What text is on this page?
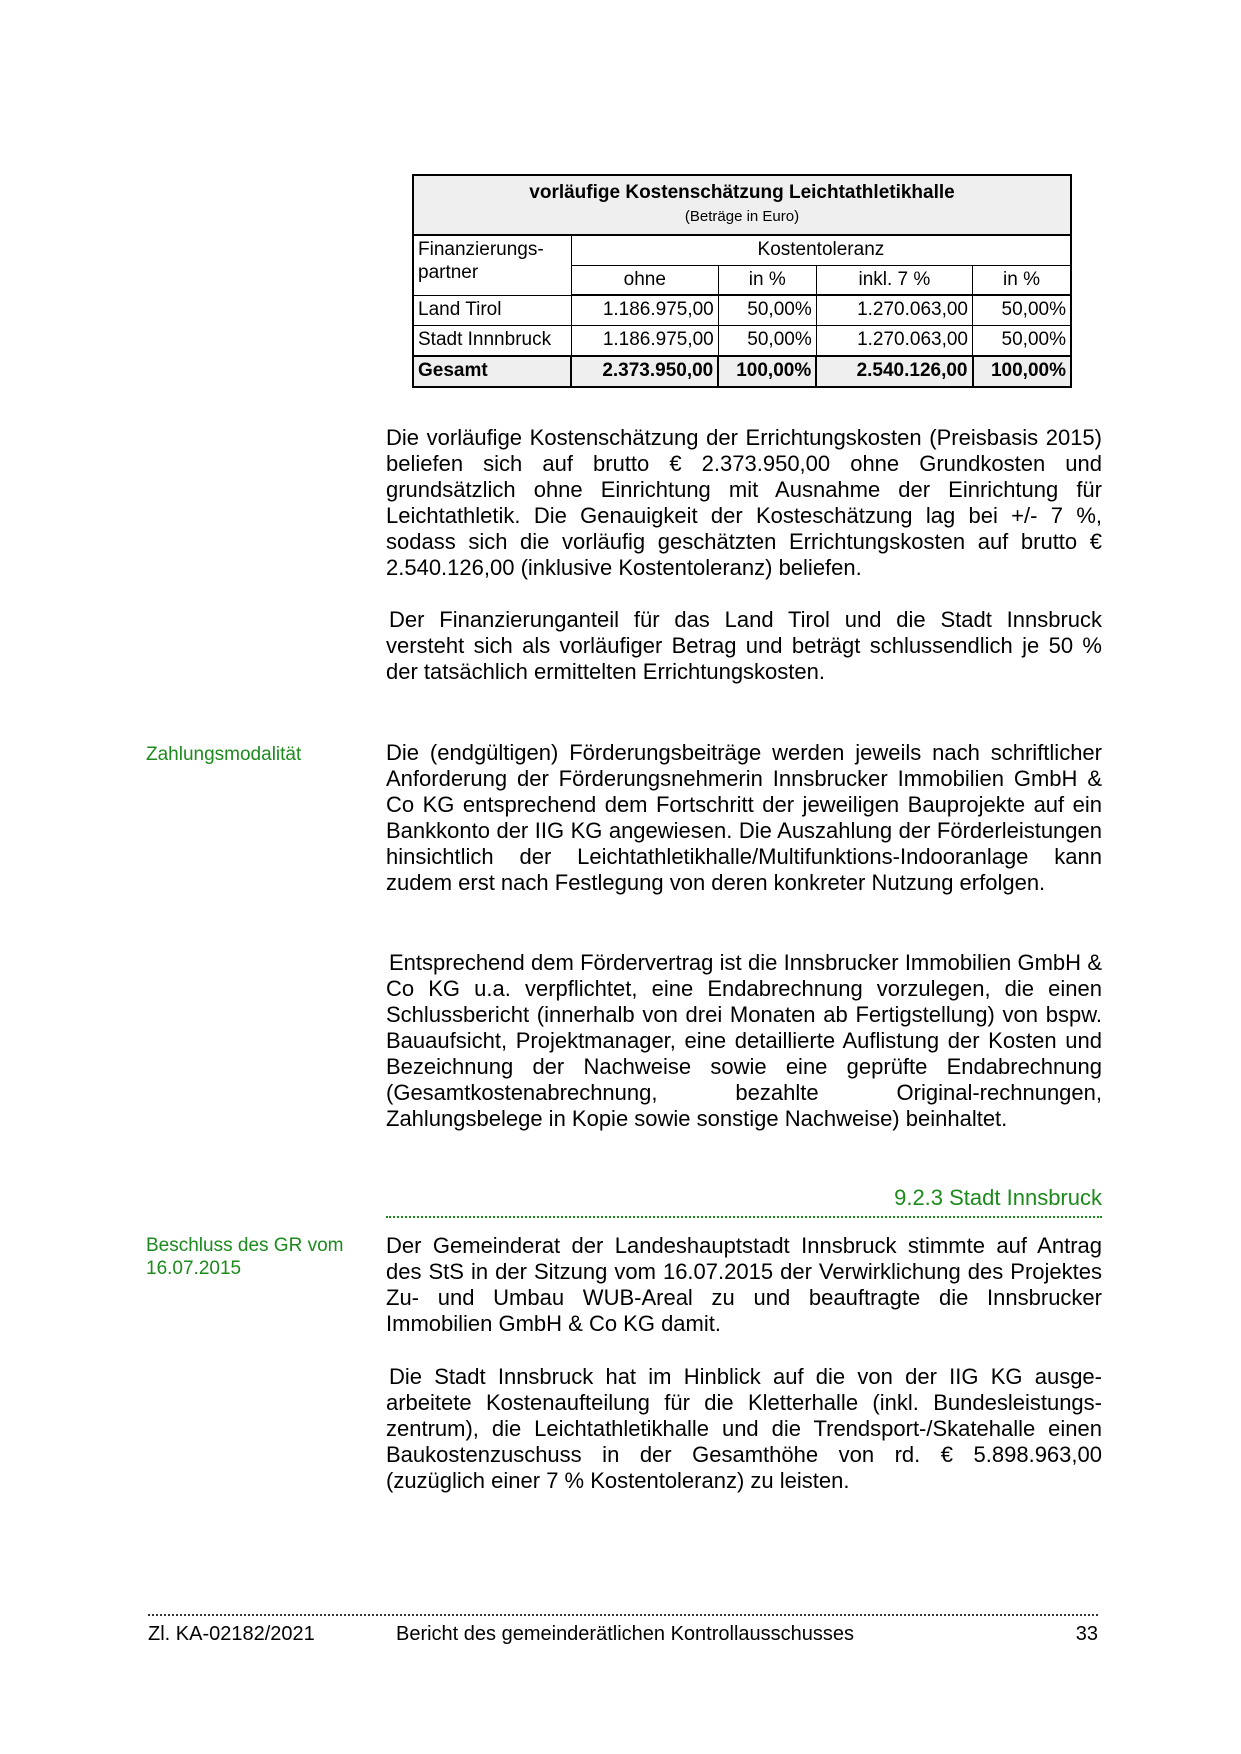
vorläufige Kostenschätzung Leichtathletikhalle
(Beträge in Euro)				

Finanzierungs-
partner	Kostentoleranz			
	ohne	in %	inkl. 7 %	in %
Land Tirol	1.186.975,00	50,00%	1.270.063,00	50,00%
Stadt Innnbruck	1.186.975,00	50,00%	1.270.063,00	50,00%
Gesamt	2.373.950,00	100,00%	2.540.126,00	100,00%

Die vorläufige Kostenschätzung der Errichtungskosten (Preisbasis 2015) beliefen sich auf brutto € 2.373.950,00 ohne Grundkosten und grundsätzlich ohne Einrichtung mit Ausnahme der Einrichtung für Leichtathletik. Die Genauigkeit der Kosteschätzung lag bei +/- 7 %, sodass sich die vorläufig geschätzten Errichtungskosten auf brutto € 2.540.126,00 (inklusive Kostentoleranz) beliefen.

Der Finanzierunganteil für das Land Tirol und die Stadt Innsbruck versteht sich als vorläufiger Betrag und beträgt schlussendlich je 50 % der tatsächlich ermittelten Errichtungskosten.

Zahlungsmodalität	Die (endgültigen) Förderungsbeiträge werden jeweils nach schriftlicher Anforderung der Förderungsnehmerin Innsbrucker Immobilien GmbH & Co KG entsprechend dem Fortschritt der jeweiligen Bauprojekte auf ein Bankkonto der IIG KG angewiesen. Die Auszahlung der Förderleistungen hinsichtlich der Leichtathletikhalle/Multifunktions-Indooranlage kann zudem erst nach Festlegung von deren konkreter Nutzung erfolgen.

Entsprechend dem Fördervertrag ist die Innsbrucker Immobilien GmbH & Co KG u.a. verpflichtet, eine Endabrechnung vorzulegen, die einen Schlussbericht (innerhalb von drei Monaten ab Fertigstellung) von bspw. Bauaufsicht, Projektmanager, eine detaillierte Auflistung der Kosten und Bezeichnung der Nachweise sowie eine geprüfte Endabrechnung (Gesamtkostenabrechnung, bezahlte Original-rechnungen, Zahlungsbelege in Kopie sowie sonstige Nachweise) beinhaltet.

9.2.3 Stadt Innsbruck

Beschluss des GR vom 16.07.2015

Der Gemeinderat der Landeshauptstadt Innsbruck stimmte auf Antrag des StS in der Sitzung vom 16.07.2015 der Verwirklichung des Projektes Zu- und Umbau WUB-Areal zu und beauftragte die Innsbrucker Immobilien GmbH & Co KG damit.

Die Stadt Innsbruck hat im Hinblick auf die von der IIG KG ausge-arbeitete Kostenaufteilung für die Kletterhalle (inkl. Bundesleistungs-zentrum), die Leichtathletikhalle und die Trendsport-/Skatehalle einen Baukostenzuschuss in der Gesamthöhe von rd. € 5.898.963,00 (zuzüglich einer 7 % Kostentoleranz) zu leisten.

Zl. KA-02182/2021	Bericht des gemeinderätlichen Kontrollausschusses	33
